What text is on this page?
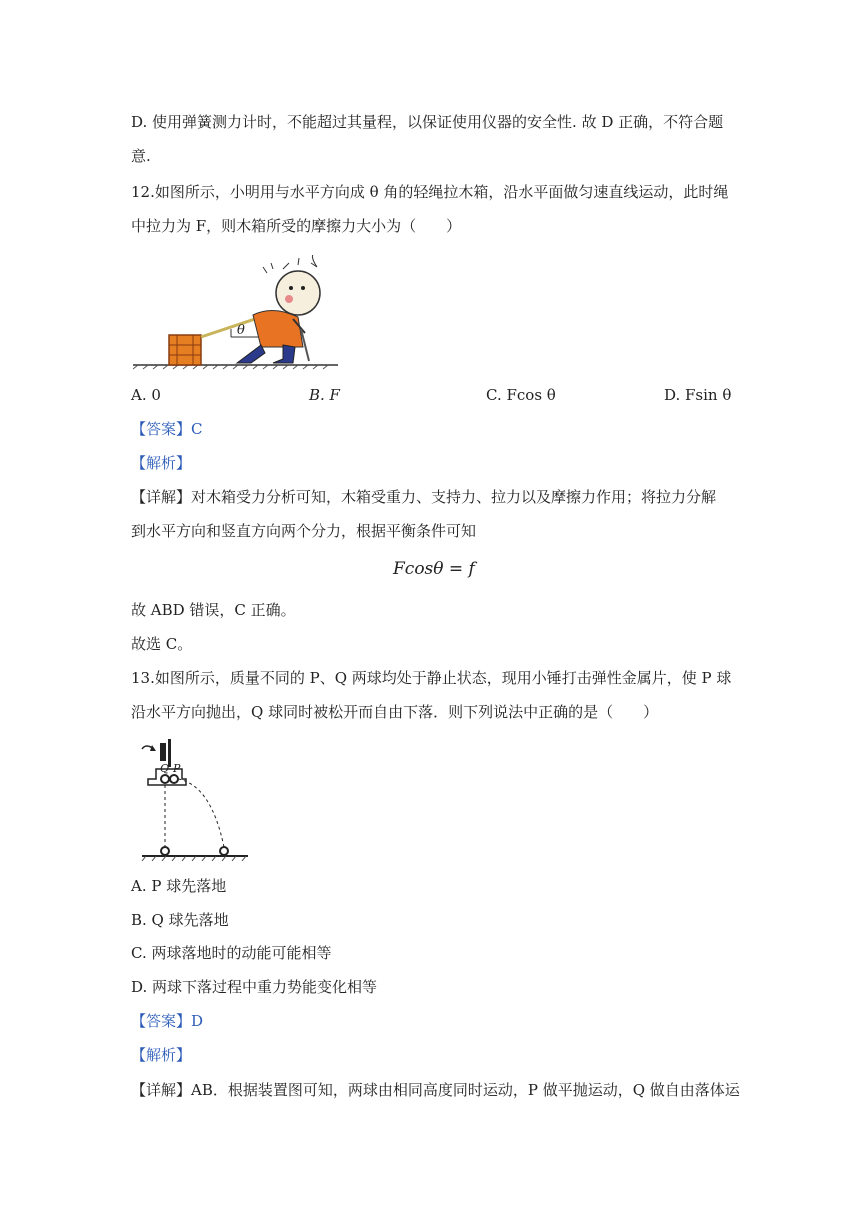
D. 使用弹簧测力计时，不能超过其量程，以保证使用仪器的安全性. 故 D 正确，不符合题
意.
12.如图所示，小明用与水平方向成 θ 角的轻绳拉木箱，沿水平面做匀速直线运动，此时绳
中拉力为 F，则木箱所受的摩擦力大小为（　　）
θ
A. 0	B. F	C. Fcos θ	D. Fsin θ
【答案】C
【解析】
【详解】对木箱受力分析可知，木箱受重力、支持力、拉力以及摩擦力作用；将拉力分解
到水平方向和竖直方向两个分力，根据平衡条件可知
Fcosθ = f
故 ABD 错误，C 正确。
故选 C。
13.如图所示，质量不同的 P、Q 两球均处于静止状态，现用小锤打击弹性金属片，使 P 球
沿水平方向抛出，Q 球同时被松开而自由下落．则下列说法中正确的是（　　）
Q P
A. P 球先落地
B. Q 球先落地
C. 两球落地时的动能可能相等
D. 两球下落过程中重力势能变化相等
【答案】D
【解析】
【详解】AB．根据装置图可知，两球由相同高度同时运动，P 做平抛运动，Q 做自由落体运
